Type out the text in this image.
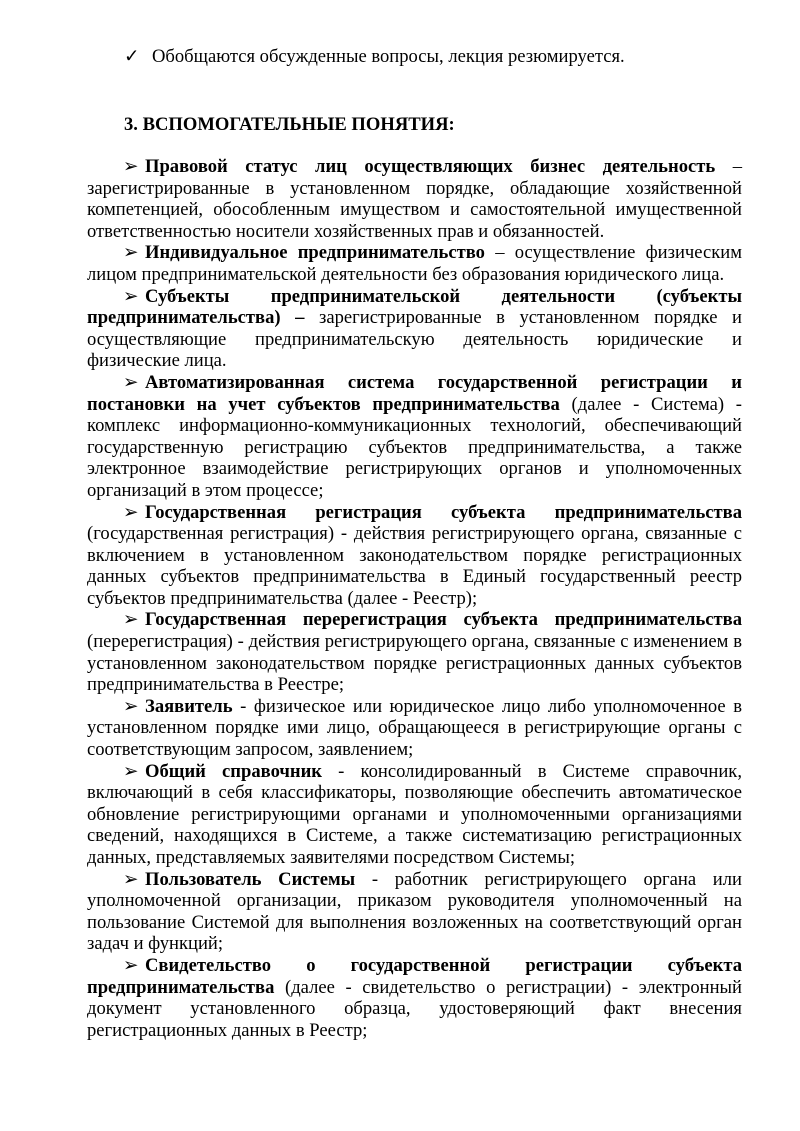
✓ Обобщаются обсужденные вопросы, лекция резюмируется.
3. ВСПОМОГАТЕЛЬНЫЕ ПОНЯТИЯ:

➢ Правовой статус лиц осуществляющих бизнес деятельность – зарегистрированные в установленном порядке, обладающие хозяйственной компетенцией, обособленным имуществом и самостоятельной имущественной ответственностью носители хозяйственных прав и обязанностей.

➢ Индивидуальное предпринимательство – осуществление физическим лицом предпринимательской деятельности без образования юридического лица.

➢ Субъекты предпринимательской деятельности (субъекты предпринимательства) – зарегистрированные в установленном порядке и осуществляющие предпринимательскую деятельность юридические и физические лица.

➢ Автоматизированная система государственной регистрации и постановки на учет субъектов предпринимательства (далее - Система) - комплекс информационно-коммуникационных технологий, обеспечивающий государственную регистрацию субъектов предпринимательства, а также электронное взаимодействие регистрирующих органов и уполномоченных организаций в этом процессе;

➢ Государственная регистрация субъекта предпринимательства (государственная регистрация) - действия регистрирующего органа, связанные с включением в установленном законодательством порядке регистрационных данных субъектов предпринимательства в Единый государственный реестр субъектов предпринимательства (далее - Реестр);

➢ Государственная перерегистрация субъекта предпринимательства (перерегистрация) - действия регистрирующего органа, связанные с изменением в установленном законодательством порядке регистрационных данных субъектов предпринимательства в Реестре;

➢ Заявитель - физическое или юридическое лицо либо уполномоченное в установленном порядке ими лицо, обращающееся в регистрирующие органы с соответствующим запросом, заявлением;

➢ Общий справочник - консолидированный в Системе справочник, включающий в себя классификаторы, позволяющие обеспечить автоматическое обновление регистрирующими органами и уполномоченными организациями сведений, находящихся в Системе, а также систематизацию регистрационных данных, представляемых заявителями посредством Системы;

➢ Пользователь Системы - работник регистрирующего органа или уполномоченной организации, приказом руководителя уполномоченный на пользование Системой для выполнения возложенных на соответствующий орган задач и функций;

➢ Свидетельство о государственной регистрации субъекта предпринимательства (далее - свидетельство о регистрации) - электронный документ установленного образца, удостоверяющий факт внесения регистрационных данных в Реестр;
